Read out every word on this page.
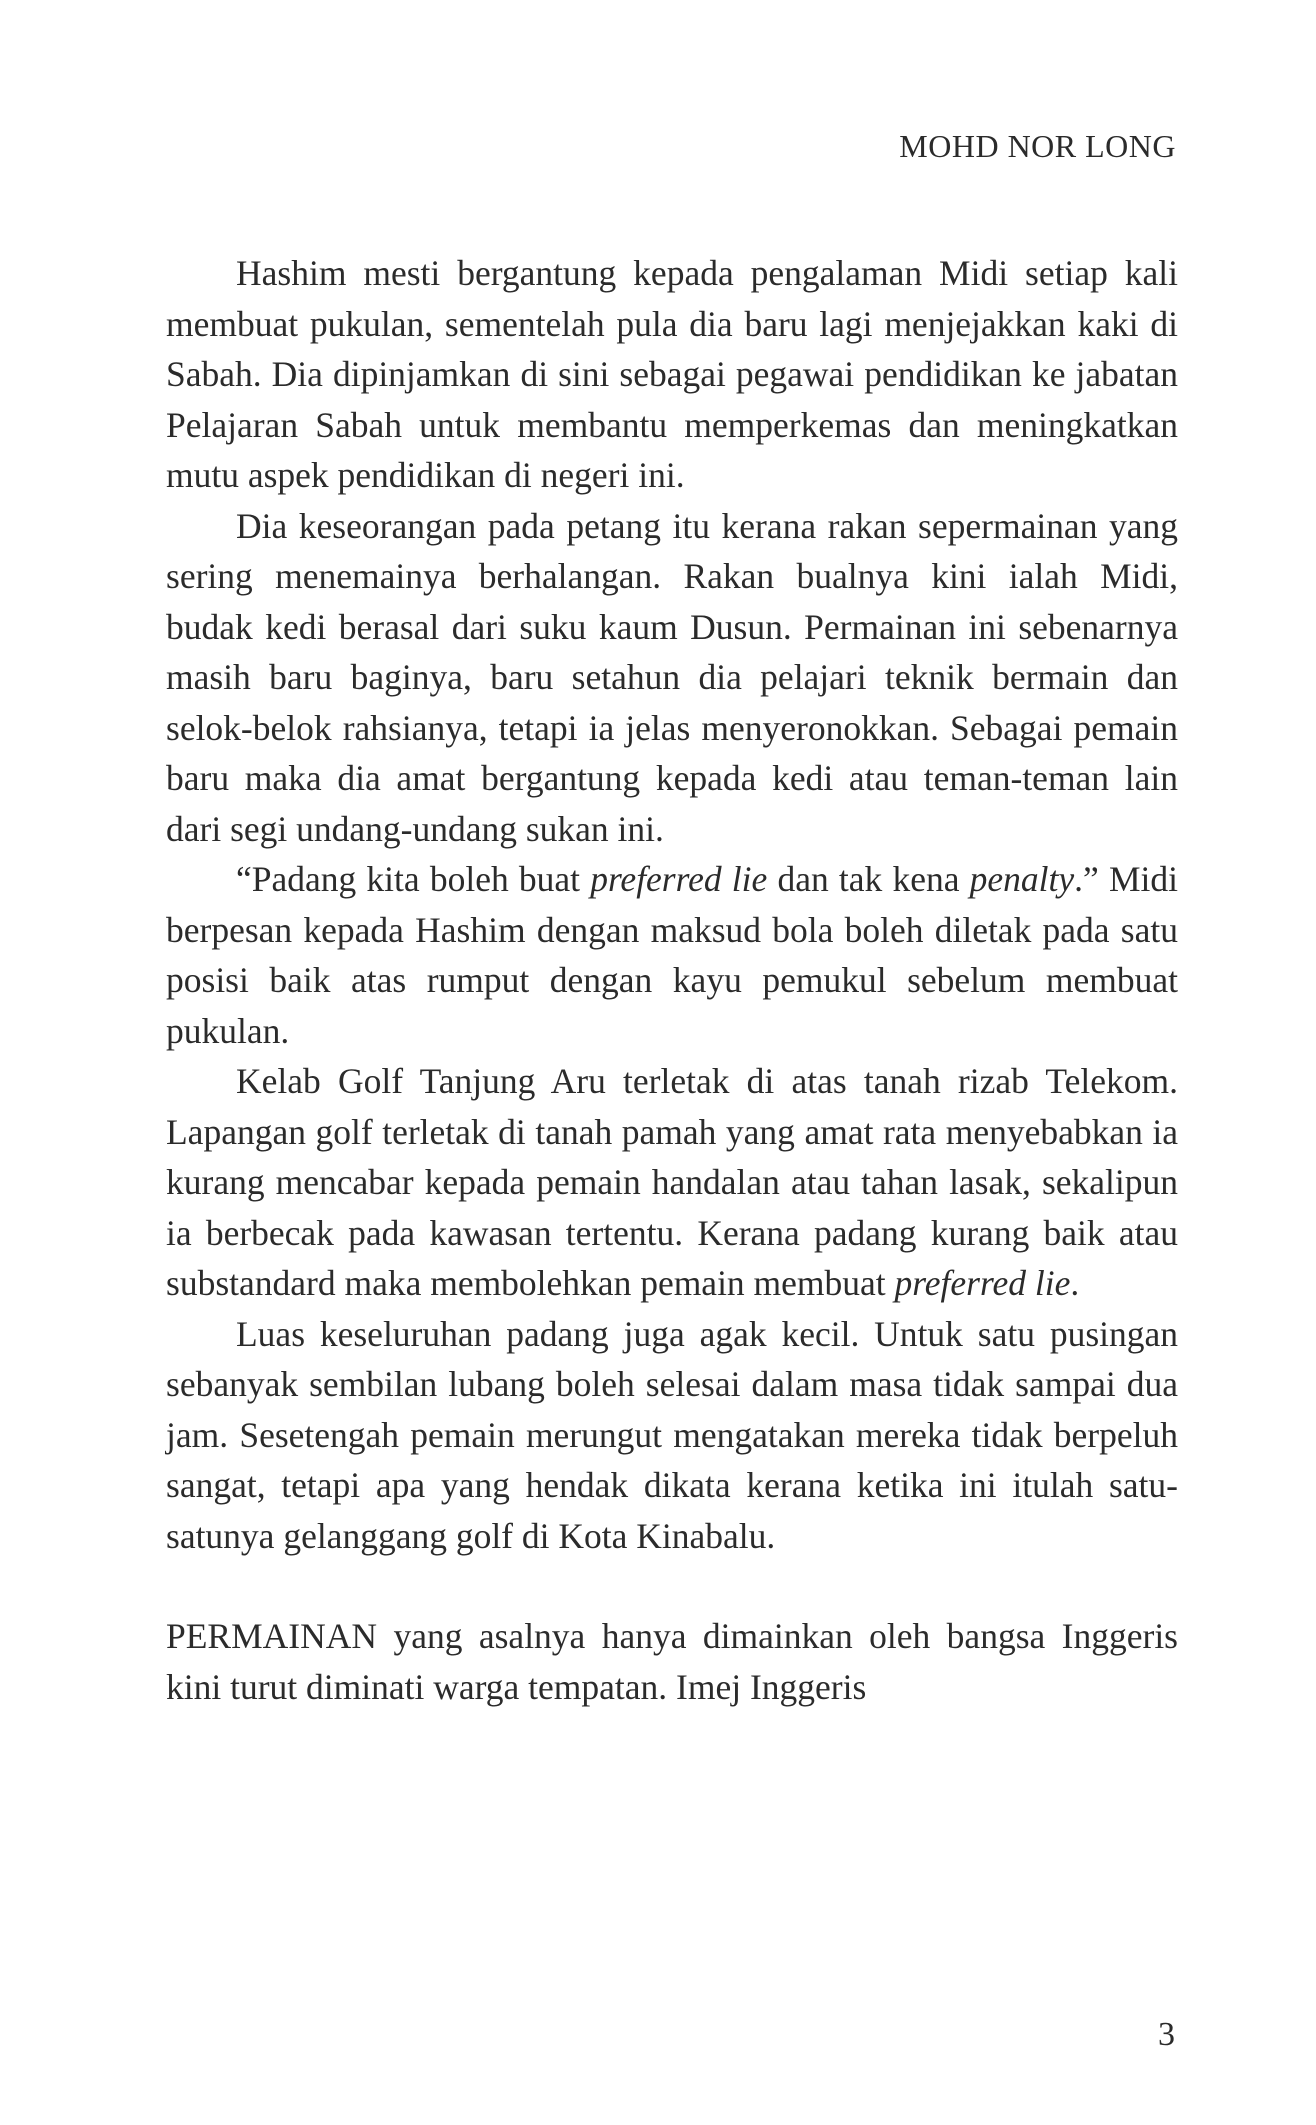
MOHD NOR LONG

Hashim mesti bergantung kepada pengalaman Midi setiap kali membuat pukulan, sementelah pula dia baru lagi menjejakkan kaki di Sabah. Dia dipinjamkan di sini sebagai pegawai pendidikan ke jabatan Pelajaran Sabah untuk membantu memperkemas dan meningkatkan mutu aspek pendidikan di negeri ini.

Dia keseorangan pada petang itu kerana rakan sepermainan yang sering menemainya berhalangan. Rakan bualnya kini ialah Midi, budak kedi berasal dari suku kaum Dusun. Permainan ini sebenarnya masih baru baginya, baru setahun dia pelajari teknik bermain dan selok-belok rahsianya, tetapi ia jelas menyeronokkan. Sebagai pemain baru maka dia amat bergantung kepada kedi atau teman-teman lain dari segi undang-undang sukan ini.

“Padang kita boleh buat preferred lie dan tak kena penalty.” Midi berpesan kepada Hashim dengan maksud bola boleh diletak pada satu posisi baik atas rumput dengan kayu pemukul sebelum membuat pukulan.

Kelab Golf Tanjung Aru terletak di atas tanah rizab Telekom. Lapangan golf terletak di tanah pamah yang amat rata menyebabkan ia kurang mencabar kepada pemain handalan atau tahan lasak, sekalipun ia berbecak pada kawasan tertentu. Kerana padang kurang baik atau substandard maka membolehkan pemain membuat preferred lie.

Luas keseluruhan padang juga agak kecil. Untuk satu pusingan sebanyak sembilan lubang boleh selesai dalam masa tidak sampai dua jam. Sesetengah pemain merungut mengatakan mereka tidak berpeluh sangat, tetapi apa yang hendak dikata kerana ketika ini itulah satu-satunya gelanggang golf di Kota Kinabalu.

PERMAINAN yang asalnya hanya dimainkan oleh bangsa Inggeris kini turut diminati warga tempatan. Imej Inggeris

3
